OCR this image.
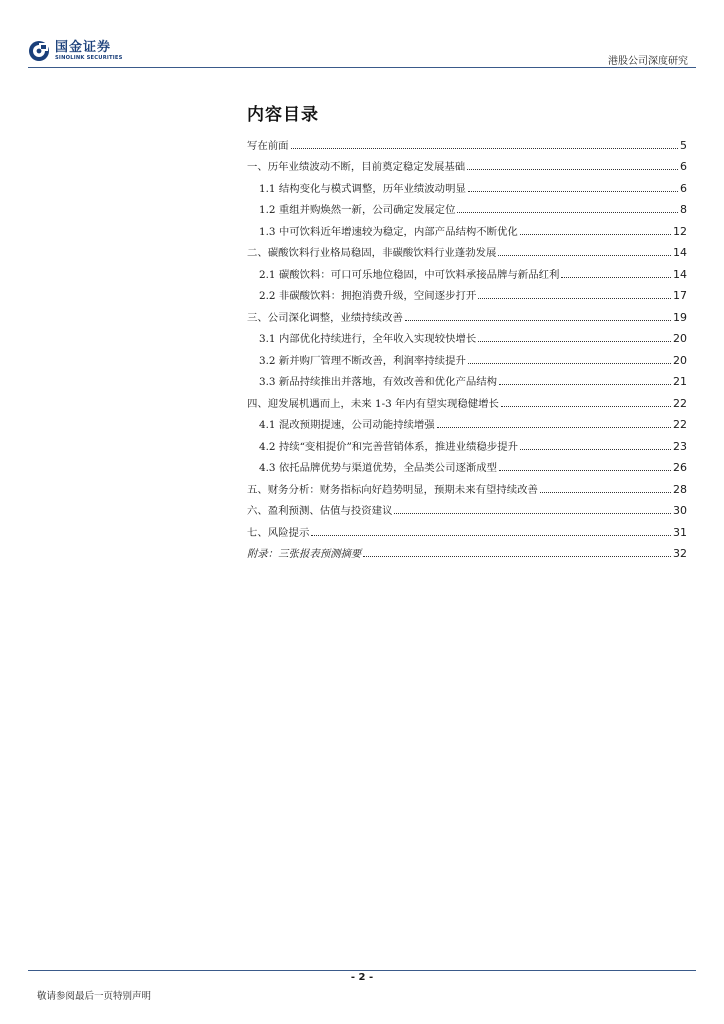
国金证券
SINOLINK SECURITIES	港股公司深度研究
内容目录
写在前面	5
一、历年业绩波动不断，目前奠定稳定发展基础	6
1.1 结构变化与模式调整，历年业绩波动明显	6
1.2 重组并购焕然一新，公司确定发展定位	8
1.3 中可饮料近年增速较为稳定，内部产品结构不断优化	12
二、碳酸饮料行业格局稳固，非碳酸饮料行业蓬勃发展	14
2.1 碳酸饮料：可口可乐地位稳固，中可饮料承接品牌与新品红利	14
2.2 非碳酸饮料：拥抱消费升级，空间逐步打开	17
三、公司深化调整，业绩持续改善	19
3.1 内部优化持续进行，全年收入实现较快增长	20
3.2 新并购厂管理不断改善，利润率持续提升	20
3.3 新品持续推出并落地，有效改善和优化产品结构	21
四、迎发展机遇而上，未来 1-3 年内有望实现稳健增长	22
4.1 混改预期提速，公司动能持续增强	22
4.2 持续“变相提价”和完善营销体系，推进业绩稳步提升	23
4.3 依托品牌优势与渠道优势，全品类公司逐渐成型	26
五、财务分析：财务指标向好趋势明显，预期未来有望持续改善	28
六、盈利预测、估值与投资建议	30
七、风险提示	31
附录：三张报表预测摘要	32
- 2 -
敬请参阅最后一页特别声明
